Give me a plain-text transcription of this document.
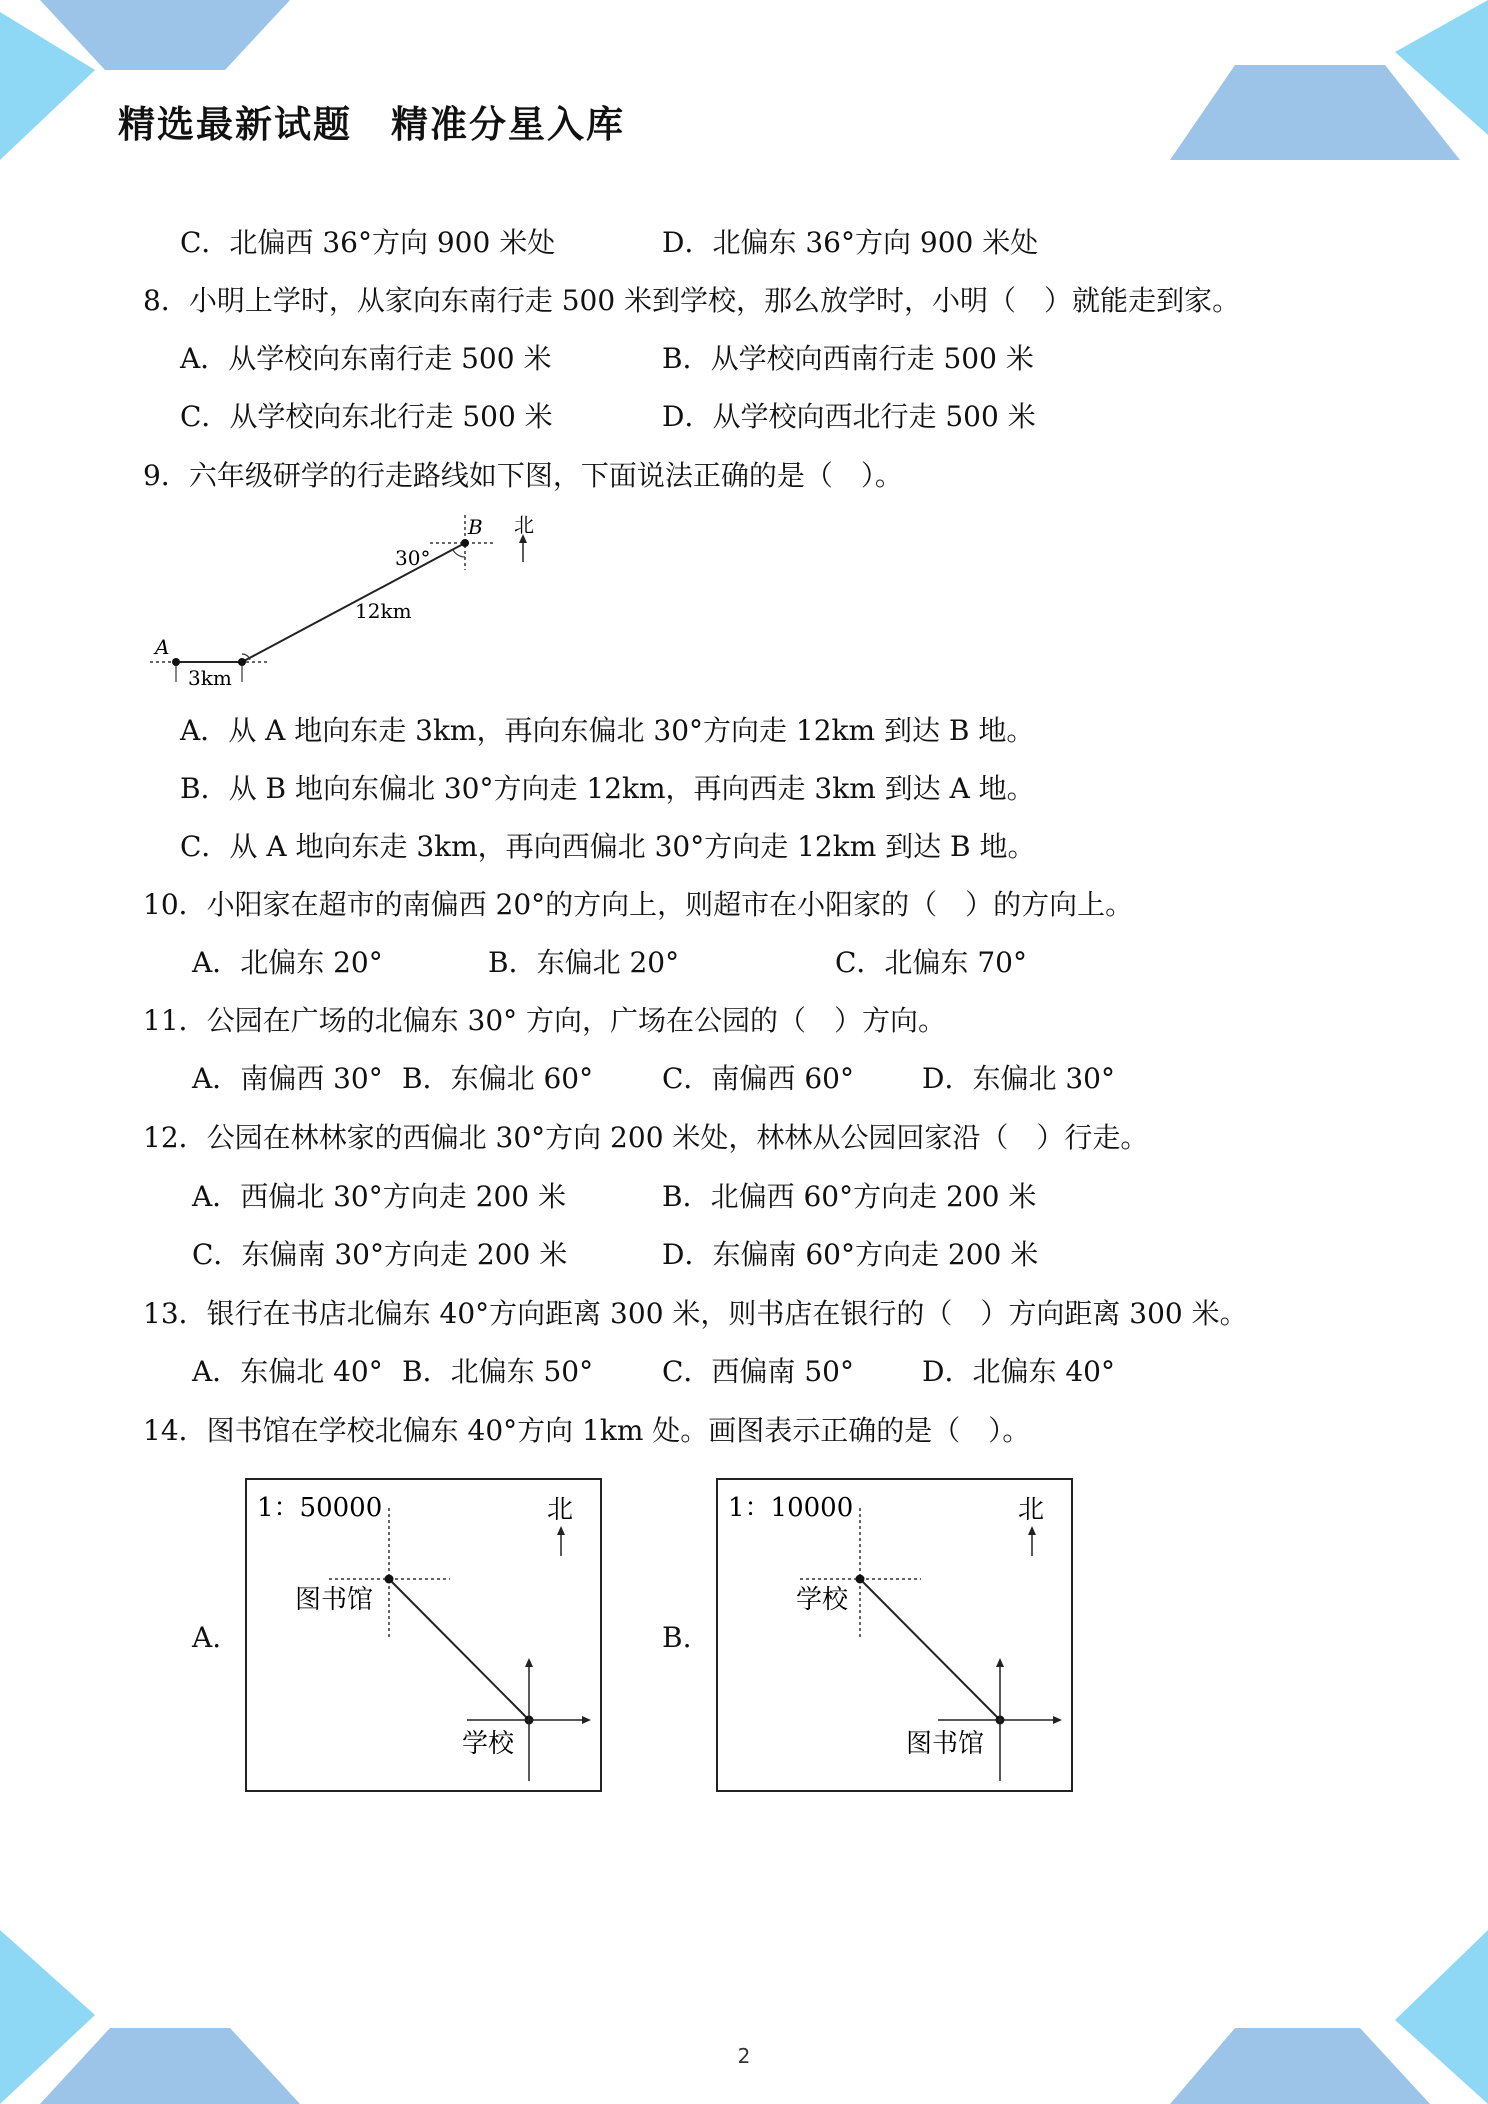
精选最新试题　精准分星入库
C．北偏西 36°方向 900 米处	D．北偏东 36°方向 900 米处
8．小明上学时，从家向东南行走 500 米到学校，那么放学时，小明（　）就能走到家。
A．从学校向东南行走 500 米	B．从学校向西南行走 500 米
C．从学校向东北行走 500 米	D．从学校向西北行走 500 米
9．六年级研学的行走路线如下图，下面说法正确的是（　）。
A
B 北
30°
3km
12km
A．从 A 地向东走 3km，再向东偏北 30°方向走 12km 到达 B 地。
B．从 B 地向东偏北 30°方向走 12km，再向西走 3km 到达 A 地。
C．从 A 地向东走 3km，再向西偏北 30°方向走 12km 到达 B 地。
10．小阳家在超市的南偏西 20°的方向上，则超市在小阳家的（　）的方向上。
A．北偏东 20°	B．东偏北 20°	C．北偏东 70°
11．公园在广场的北偏东 30° 方向，广场在公园的（　）方向。
A．南偏西 30° B．东偏北 60° C．南偏西 60° D．东偏北 30°
12．公园在林林家的西偏北 30°方向 200 米处，林林从公园回家沿（　）行走。
A．西偏北 30°方向走 200 米	B．北偏西 60°方向走 200 米
C．东偏南 30°方向走 200 米	D．东偏南 60°方向走 200 米
13．银行在书店北偏东 40°方向距离 300 米，则书店在银行的（　）方向距离 300 米。
A．东偏北 40° B．北偏东 50° C．西偏南 50° D．北偏东 40°
14．图书馆在学校北偏东 40°方向 1km 处。画图表示正确的是（　）。
A.
1：50000	北
图书馆
学校
B.
1：10000	北
学校
图书馆
2
